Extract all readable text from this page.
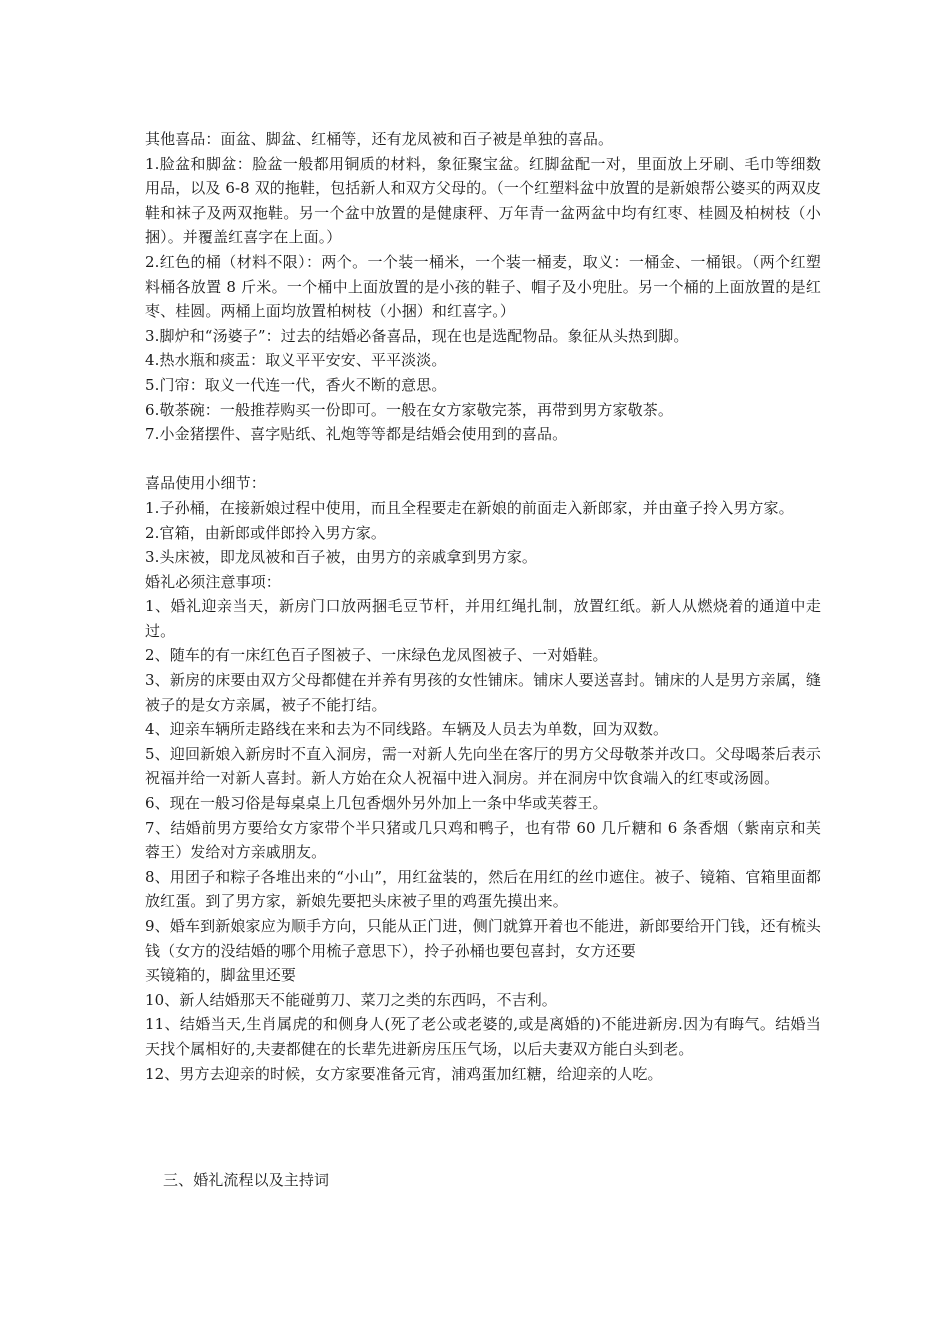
其他喜品：面盆、脚盆、红桶等，还有龙凤被和百子被是单独的喜品。

1.脸盆和脚盆：脸盆一般都用铜质的材料，象征聚宝盆。红脚盆配一对，里面放上牙刷、毛巾等细数用品，以及 6-8 双的拖鞋，包括新人和双方父母的。（一个红塑料盆中放置的是新娘帮公婆买的两双皮鞋和袜子及两双拖鞋。另一个盆中放置的是健康秤、万年青一盆两盆中均有红枣、桂圆及柏树枝（小捆）。并覆盖红喜字在上面。）

2.红色的桶（材料不限）：两个。一个装一桶米，一个装一桶麦，取义：一桶金、一桶银。（两个红塑料桶各放置 8 斤米。一个桶中上面放置的是小孩的鞋子、帽子及小兜肚。另一个桶的上面放置的是红枣、桂圆。两桶上面均放置柏树枝（小捆）和红喜字。）

3.脚炉和“汤婆子”：过去的结婚必备喜品，现在也是选配物品。象征从头热到脚。

4.热水瓶和痰盂：取义平平安安、平平淡淡。

5.门帘：取义一代连一代，香火不断的意思。

6.敬茶碗：一般推荐购买一份即可。一般在女方家敬完茶，再带到男方家敬茶。

7.小金猪摆件、喜字贴纸、礼炮等等都是结婚会使用到的喜品。

喜品使用小细节：

1.子孙桶，在接新娘过程中使用，而且全程要走在新娘的前面走入新郎家，并由童子拎入男方家。

2.官箱，由新郎或伴郎拎入男方家。

3.头床被，即龙凤被和百子被，由男方的亲戚拿到男方家。

婚礼必须注意事项：

1、婚礼迎亲当天，新房门口放两捆毛豆节杆，并用红绳扎制，放置红纸。新人从燃烧着的通道中走过。

2、随车的有一床红色百子图被子、一床绿色龙凤图被子、一对婚鞋。

3、新房的床要由双方父母都健在并养有男孩的女性铺床。铺床人要送喜封。铺床的人是男方亲属，缝被子的是女方亲属，被子不能打结。

4、迎亲车辆所走路线在来和去为不同线路。车辆及人员去为单数，回为双数。

5、迎回新娘入新房时不直入洞房，需一对新人先向坐在客厅的男方父母敬茶并改口。父母喝茶后表示祝福并给一对新人喜封。新人方始在众人祝福中进入洞房。并在洞房中饮食端入的红枣或汤圆。

6、现在一般习俗是每桌桌上几包香烟外另外加上一条中华或芙蓉王。

7、结婚前男方要给女方家带个半只猪或几只鸡和鸭子，也有带 60 几斤糖和 6 条香烟（紫南京和芙蓉王）发给对方亲戚朋友。

8、用团子和粽子各堆出来的“小山”，用红盆装的，然后在用红的丝巾遮住。被子、镜箱、官箱里面都放红蛋。到了男方家，新娘先要把头床被子里的鸡蛋先摸出来。

9、婚车到新娘家应为顺手方向，只能从正门进，侧门就算开着也不能进，新郎要给开门钱，还有梳头钱（女方的没结婚的哪个用梳子意思下），拎子孙桶也要包喜封，女方还要
买镜箱的，脚盆里还要

10、新人结婚那天不能碰剪刀、菜刀之类的东西吗，不吉利。

11、结婚当天,生肖属虎的和侧身人(死了老公或老婆的,或是离婚的)不能进新房.因为有晦气。结婚当天找个属相好的,夫妻都健在的长辈先进新房压压气场，以后夫妻双方能白头到老。

12、男方去迎亲的时候，女方家要准备元宵，浦鸡蛋加红糖，给迎亲的人吃。

三、婚礼流程以及主持词
